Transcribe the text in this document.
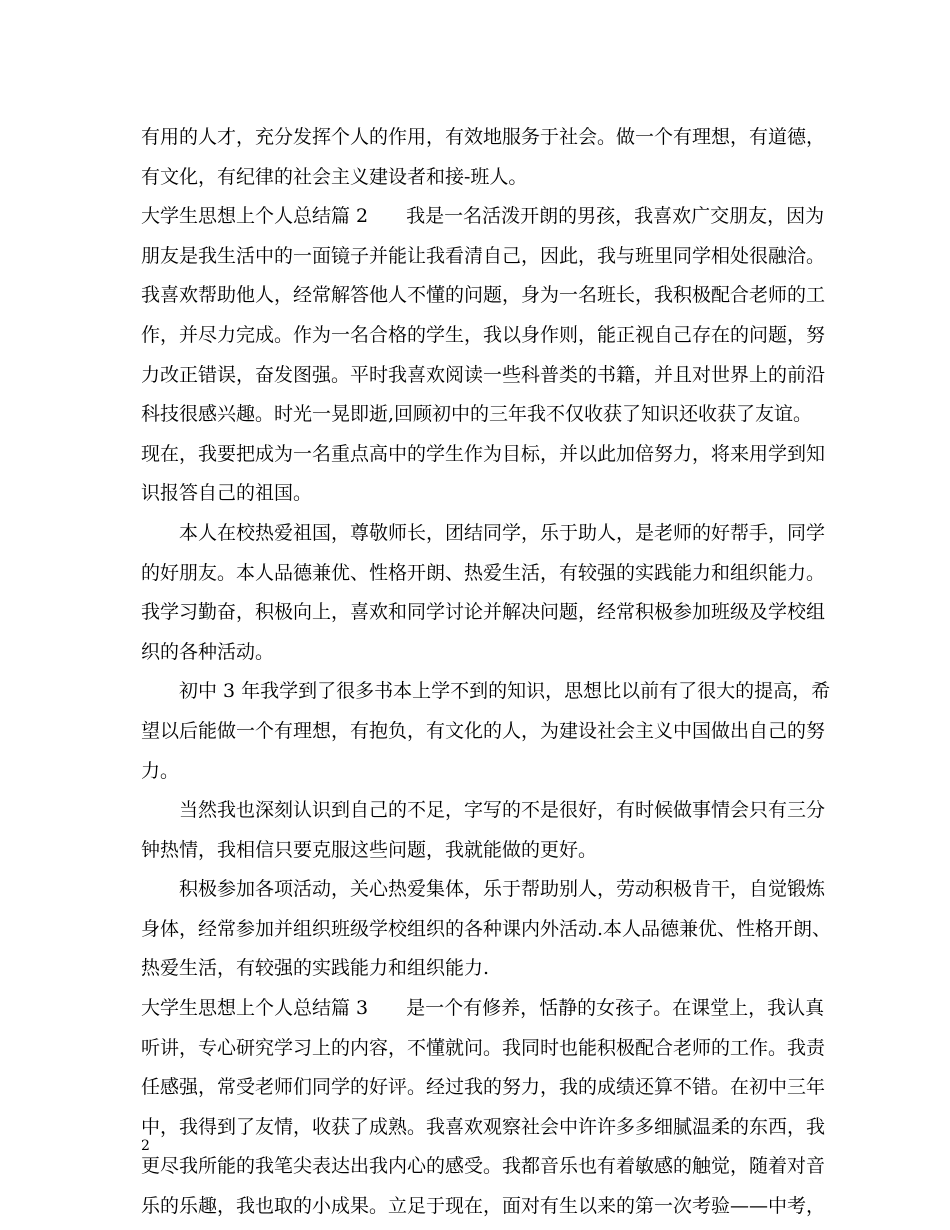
有用的人才，充分发挥个人的作用，有效地服务于社会。做一个有理想，有道德，
有文化，有纪律的社会主义建设者和接-班人。
大学生思想上个人总结篇 2 我是一名活泼开朗的男孩，我喜欢广交朋友，因为
朋友是我生活中的一面镜子并能让我看清自己，因此，我与班里同学相处很融洽。
我喜欢帮助他人，经常解答他人不懂的问题，身为一名班长，我积极配合老师的工
作，并尽力完成。作为一名合格的学生，我以身作则，能正视自己存在的问题，努
力改正错误，奋发图强。平时我喜欢阅读一些科普类的书籍，并且对世界上的前沿
科技很感兴趣。时光一晃即逝,回顾初中的三年我不仅收获了知识还收获了友谊。
现在，我要把成为一名重点高中的学生作为目标，并以此加倍努力，将来用学到知
识报答自己的祖国。
本人在校热爱祖国，尊敬师长，团结同学，乐于助人，是老师的好帮手，同学
的好朋友。本人品德兼优、性格开朗、热爱生活，有较强的实践能力和组织能力。
我学习勤奋，积极向上，喜欢和同学讨论并解决问题，经常积极参加班级及学校组
织的各种活动。
初中 3 年我学到了很多书本上学不到的知识，思想比以前有了很大的提高，希
望以后能做一个有理想，有抱负，有文化的人，为建设社会主义中国做出自己的努
力。
当然我也深刻认识到自己的不足，字写的不是很好，有时候做事情会只有三分
钟热情，我相信只要克服这些问题，我就能做的更好。
积极参加各项活动，关心热爱集体，乐于帮助别人，劳动积极肯干，自觉锻炼
身体，经常参加并组织班级学校组织的各种课内外活动.本人品德兼优、性格开朗、
热爱生活，有较强的实践能力和组织能力.
大学生思想上个人总结篇 3 是一个有修养，恬静的女孩子。在课堂上，我认真
听讲，专心研究学习上的内容，不懂就问。我同时也能积极配合老师的工作。我责
任感强，常受老师们同学的好评。经过我的努力，我的成绩还算不错。在初中三年
中，我得到了友情，收获了成熟。我喜欢观察社会中许许多多细腻温柔的东西，我
更尽我所能的我笔尖表达出我内心的感受。我都音乐也有着敏感的触觉，随着对音
乐的乐趣，我也取的小成果。立足于现在，面对有生以来的第一次考验——中考，
2
